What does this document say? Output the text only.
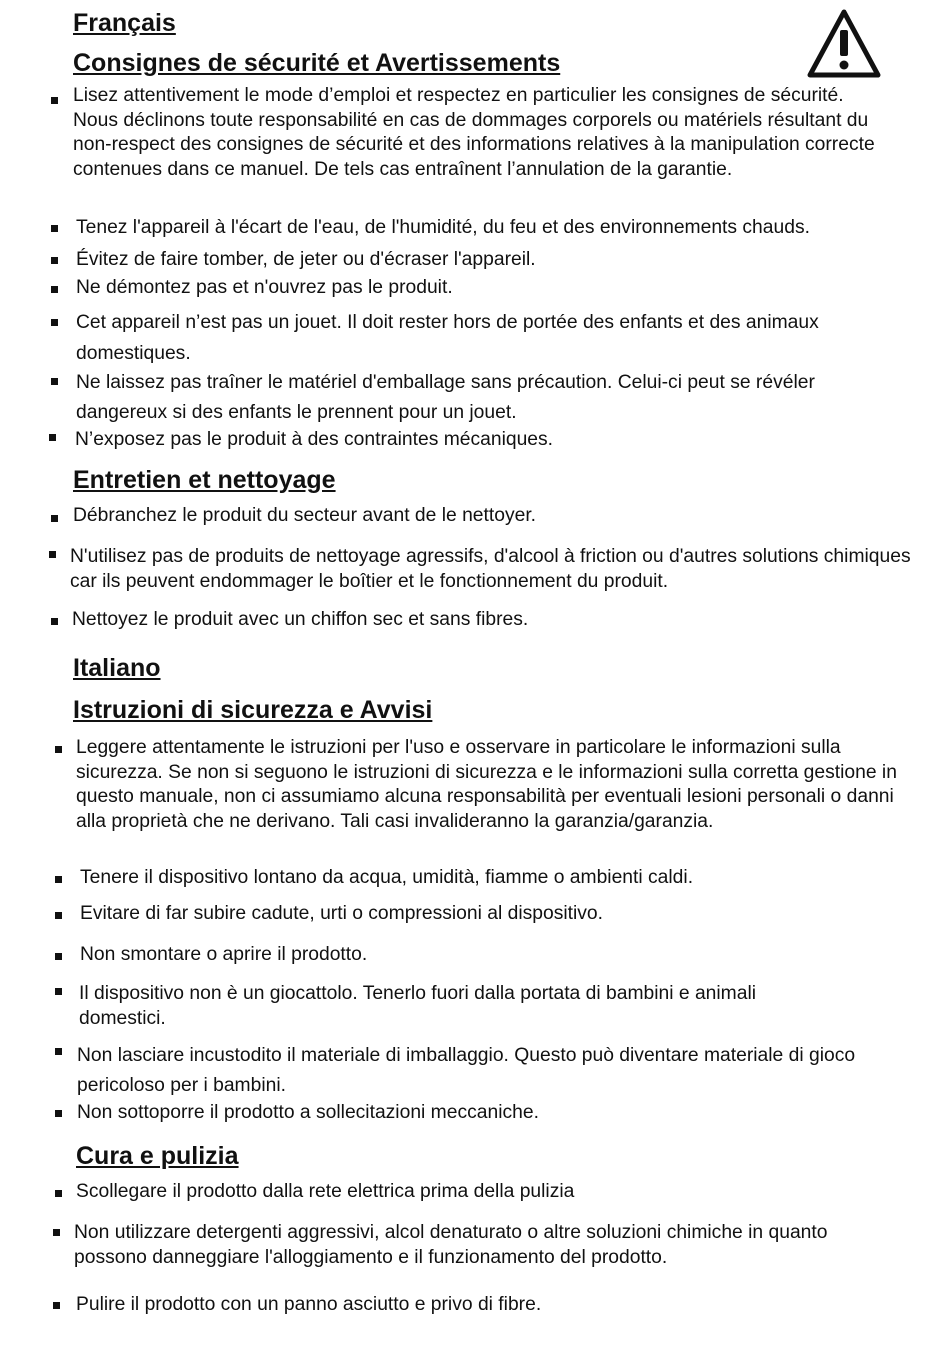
Français
Consignes de sécurité et Avertissements
Lisez attentivement le mode d’emploi et respectez en particulier les consignes de sécurité. Nous déclinons toute responsabilité en cas de dommages corporels ou matériels résultant du non-respect des consignes de sécurité et des informations relatives à la manipulation correcte contenues dans ce manuel. De tels cas entraînent l’annulation de la garantie.
Tenez l'appareil à l'écart de l'eau, de l'humidité, du feu et des environnements chauds.
Évitez de faire tomber, de jeter ou d'écraser l'appareil.
Ne démontez pas et n'ouvrez pas le produit.
Cet appareil n’est pas un jouet. Il doit rester hors de portée des enfants et des animaux domestiques.
Ne laissez pas traîner le matériel d'emballage sans précaution. Celui-ci peut se révéler dangereux si des enfants le prennent pour un jouet.
N’exposez pas le produit à des contraintes mécaniques.
Entretien et nettoyage
Débranchez le produit du secteur avant de le nettoyer.
N'utilisez pas de produits de nettoyage agressifs, d'alcool à friction ou d'autres solutions chimiques car ils peuvent endommager le boîtier et le fonctionnement du produit.
Nettoyez le produit avec un chiffon sec et sans fibres.
Italiano
Istruzioni di sicurezza e Avvisi
Leggere attentamente le istruzioni per l'uso e osservare in particolare le informazioni sulla sicurezza. Se non si seguono le istruzioni di sicurezza e le informazioni sulla corretta gestione in questo manuale, non ci assumiamo alcuna responsabilità per eventuali lesioni personali o danni alla proprietà che ne derivano. Tali casi invalideranno la garanzia/garanzia.
Tenere il dispositivo lontano da acqua, umidità, fiamme o ambienti caldi.
Evitare di far subire cadute, urti o compressioni al dispositivo.
Non smontare o aprire il prodotto.
Il dispositivo non è un giocattolo. Tenerlo fuori dalla portata di bambini e animali domestici.
Non lasciare incustodito il materiale di imballaggio. Questo può diventare materiale di gioco pericoloso per i bambini.
Non sottoporre il prodotto a sollecitazioni meccaniche.
Cura e pulizia
Scollegare il prodotto dalla rete elettrica prima della pulizia
Non utilizzare detergenti aggressivi, alcol denaturato o altre soluzioni chimiche in quanto possono danneggiare l'alloggiamento e il funzionamento del prodotto.
Pulire il prodotto con un panno asciutto e privo di fibre.
